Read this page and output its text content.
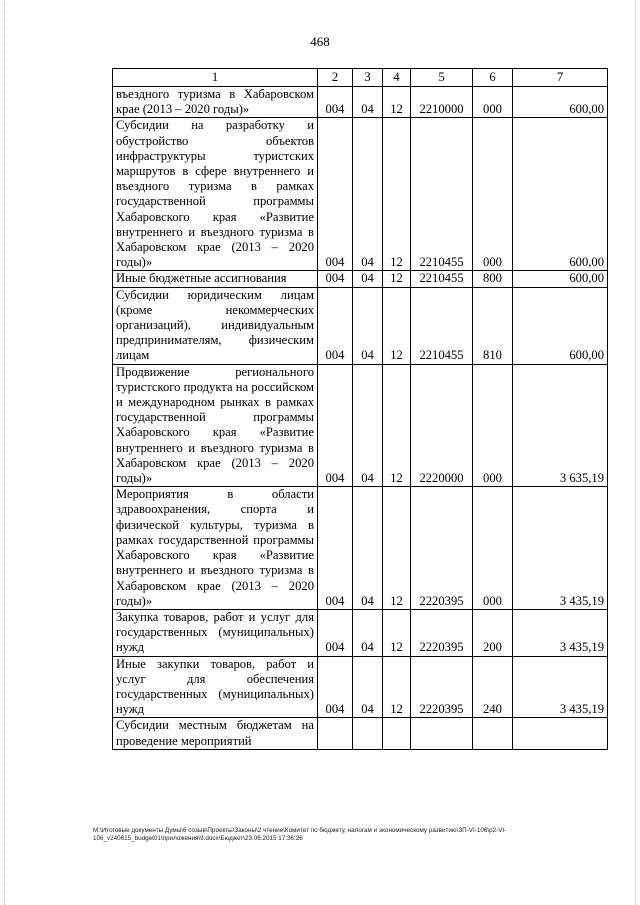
468
1	2	3	4	5	6	7
въездного туризма в Хабаровском крае (2013 – 2020 годы)»	004	04	12	2210000	000	600,00
Субсидии на разработку и обустройство объектов инфраструктуры туристских маршрутов в сфере внутреннего и въездного туризма в рамках государственной программы Хабаровского края «Развитие внутреннего и въездного туризма в Хабаровском крае (2013 – 2020 годы)»	004	04	12	2210455	000	600,00
Иные бюджетные ассигнования	004	04	12	2210455	800	600,00
Субсидии юридическим лицам (кроме некоммерческих организаций), индивидуальным предпринимателям, физическим лицам	004	04	12	2210455	810	600,00
Продвижение регионального туристского продукта на российском и международном рынках в рамках государственной программы Хабаровского края «Развитие внутреннего и въездного туризма в Хабаровском крае (2013 – 2020 годы)»	004	04	12	2220000	000	3 635,19
Мероприятия в области здравоохранения, спорта и физической культуры, туризма в рамках государственной программы Хабаровского края «Развитие внутреннего и въездного туризма в Хабаровском крае (2013 – 2020 годы)»	004	04	12	2220395	000	3 435,19
Закупка товаров, работ и услуг для государственных (муниципальных) нужд	004	04	12	2220395	200	3 435,19
Иные закупки товаров, работ и услуг для обеспечения государственных (муниципальных) нужд	004	04	12	2220395	240	3 435,19
Субсидии местным бюджетам на проведение мероприятий						
M:\Итоговые документы Думы\6 созыв\Проекты\Законы\2 чтение\Комитет по бюджету, налогам и экономическому развитию\ЗП-VI-106\р2-VI-106_v240615_budget01\приложения\9.docx\Бюджет\23.06.2015 17:36:26
